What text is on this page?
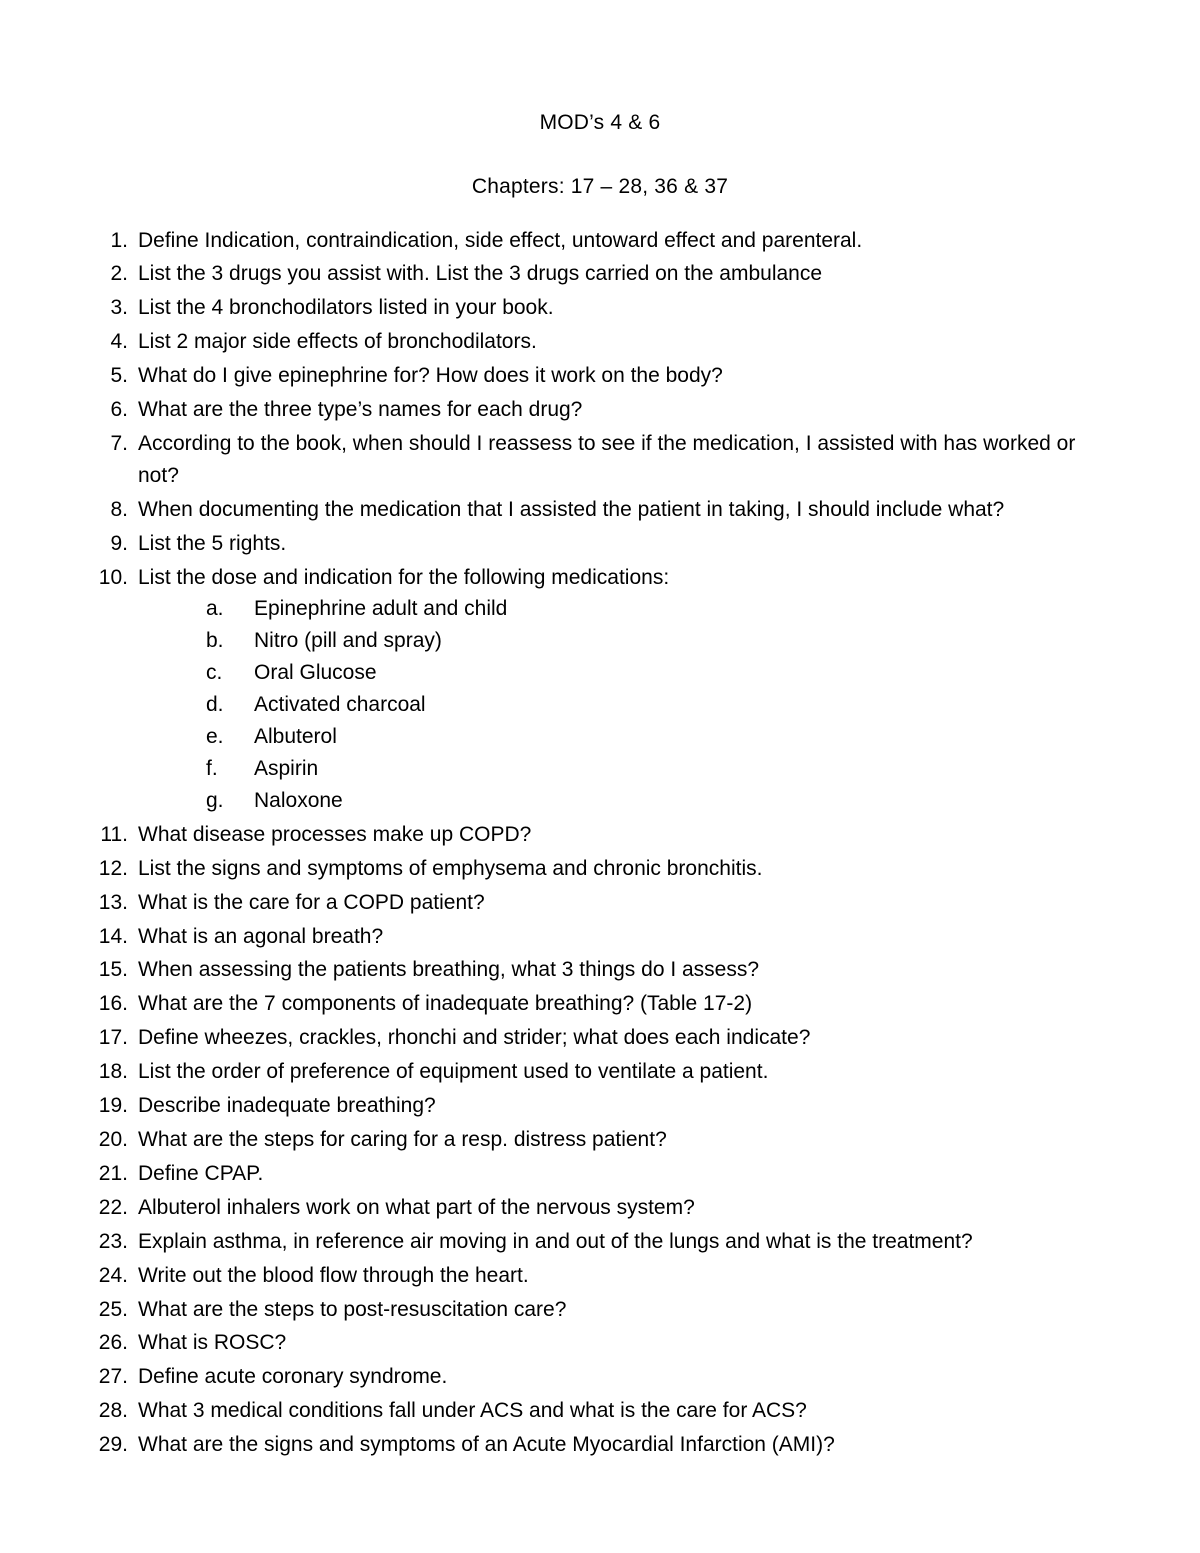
MOD’s 4 & 6
Chapters: 17 – 28, 36 & 37
1. Define Indication, contraindication, side effect, untoward effect and parenteral.
2. List the 3 drugs you assist with. List the 3 drugs carried on the ambulance
3. List the 4 bronchodilators listed in your book.
4. List 2 major side effects of bronchodilators.
5. What do I give epinephrine for? How does it work on the body?
6. What are the three type’s names for each drug?
7. According to the book, when should I reassess to see if the medication, I assisted with has worked or not?
8. When documenting the medication that I assisted the patient in taking, I should include what?
9. List the 5 rights.
10. List the dose and indication for the following medications:
a.	Epinephrine adult and child
b.	Nitro (pill and spray)
c.	Oral Glucose
d.	Activated charcoal
e.	Albuterol
f.	Aspirin
g.	Naloxone
11. What disease processes make up COPD?
12. List the signs and symptoms of emphysema and chronic bronchitis.
13. What is the care for a COPD patient?
14. What is an agonal breath?
15. When assessing the patients breathing, what 3 things do I assess?
16. What are the 7 components of inadequate breathing? (Table 17-2)
17. Define wheezes, crackles, rhonchi and strider; what does each indicate?
18. List the order of preference of equipment used to ventilate a patient.
19. Describe inadequate breathing?
20. What are the steps for caring for a resp. distress patient?
21. Define CPAP.
22. Albuterol inhalers work on what part of the nervous system?
23. Explain asthma, in reference air moving in and out of the lungs and what is the treatment?
24. Write out the blood flow through the heart.
25. What are the steps to post-resuscitation care?
26. What is ROSC?
27. Define acute coronary syndrome.
28. What 3 medical conditions fall under ACS and what is the care for ACS?
29. What are the signs and symptoms of an Acute Myocardial Infarction (AMI)?
